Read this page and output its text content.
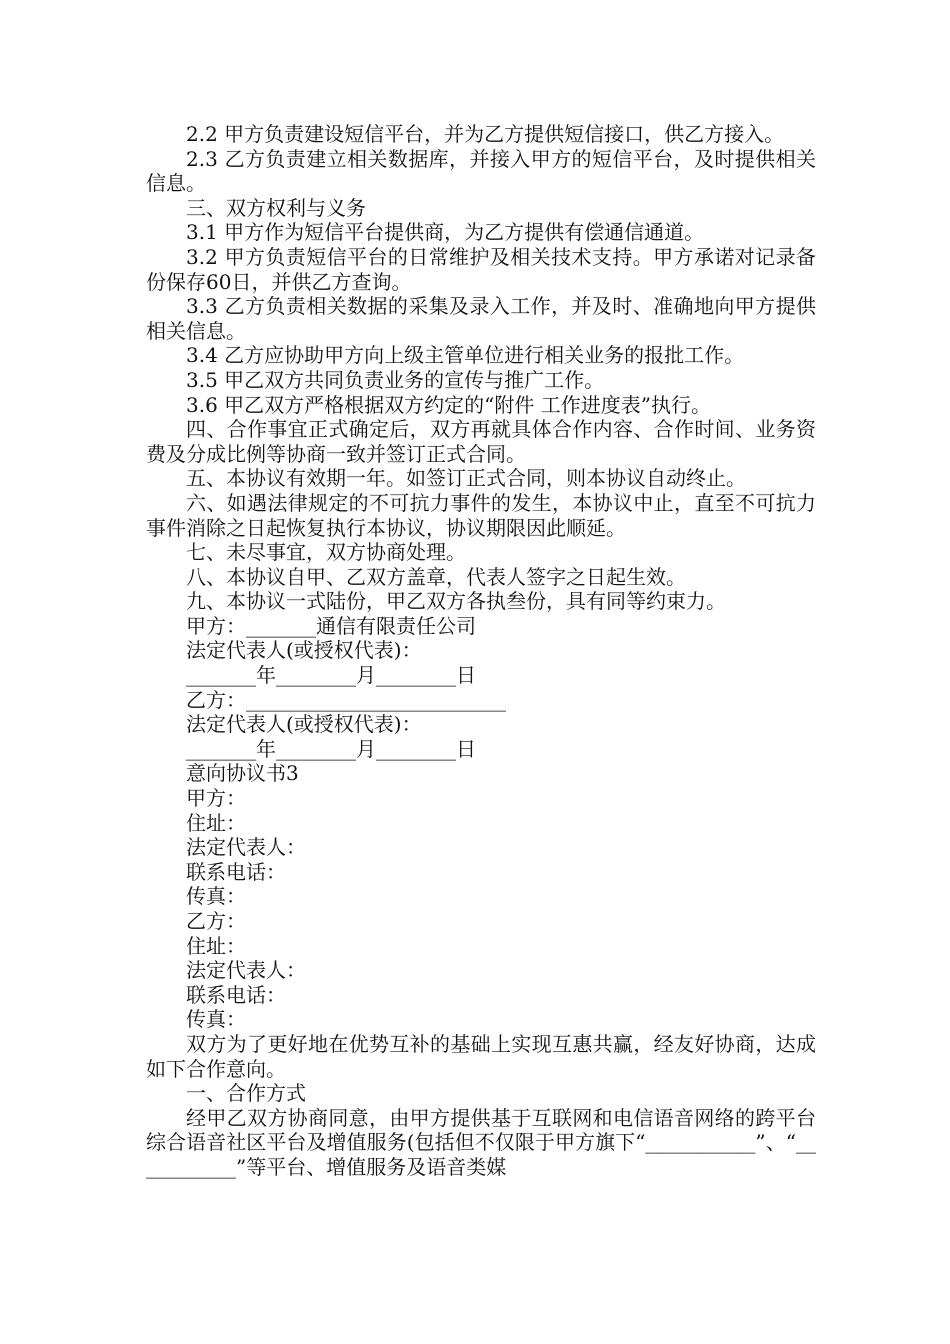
2.2 甲方负责建设短信平台，并为乙方提供短信接口，供乙方接入。

2.3 乙方负责建立相关数据库，并接入甲方的短信平台，及时提供相关信息。

三、双方权利与义务

3.1 甲方作为短信平台提供商，为乙方提供有偿通信通道。

3.2 甲方负责短信平台的日常维护及相关技术支持。甲方承诺对记录备份保存60日，并供乙方查询。

3.3 乙方负责相关数据的采集及录入工作，并及时、准确地向甲方提供相关信息。

3.4 乙方应协助甲方向上级主管单位进行相关业务的报批工作。

3.5 甲乙双方共同负责业务的宣传与推广工作。

3.6 甲乙双方严格根据双方约定的“附件 工作进度表”执行。

四、合作事宜正式确定后，双方再就具体合作内容、合作时间、业务资费及分成比例等协商一致并签订正式合同。

五、本协议有效期一年。如签订正式合同，则本协议自动终止。

六、如遇法律规定的不可抗力事件的发生，本协议中止，直至不可抗力事件消除之日起恢复执行本协议，协议期限因此顺延。

七、未尽事宜，双方协商处理。

八、本协议自甲、乙双方盖章，代表人签字之日起生效。

九、本协议一式陆份，甲乙双方各执叁份，具有同等约束力。

甲方：_______通信有限责任公司

法定代表人(或授权代表)：

_______年________月________日

乙方：__________________________

法定代表人(或授权代表)：

_______年________月________日

意向协议书3

甲方：

住址：

法定代表人：

联系电话：

传真：

乙方：

住址：

法定代表人：

联系电话：

传真：

双方为了更好地在优势互补的基础上实现互惠共赢，经友好协商，达成如下合作意向。

一、合作方式

经甲乙双方协商同意，由甲方提供基于互联网和电信语音网络的跨平台综合语音社区平台及增值服务(包括但不仅限于甲方旗下“___________”、“___________”等平台、增值服务及语音类媒
